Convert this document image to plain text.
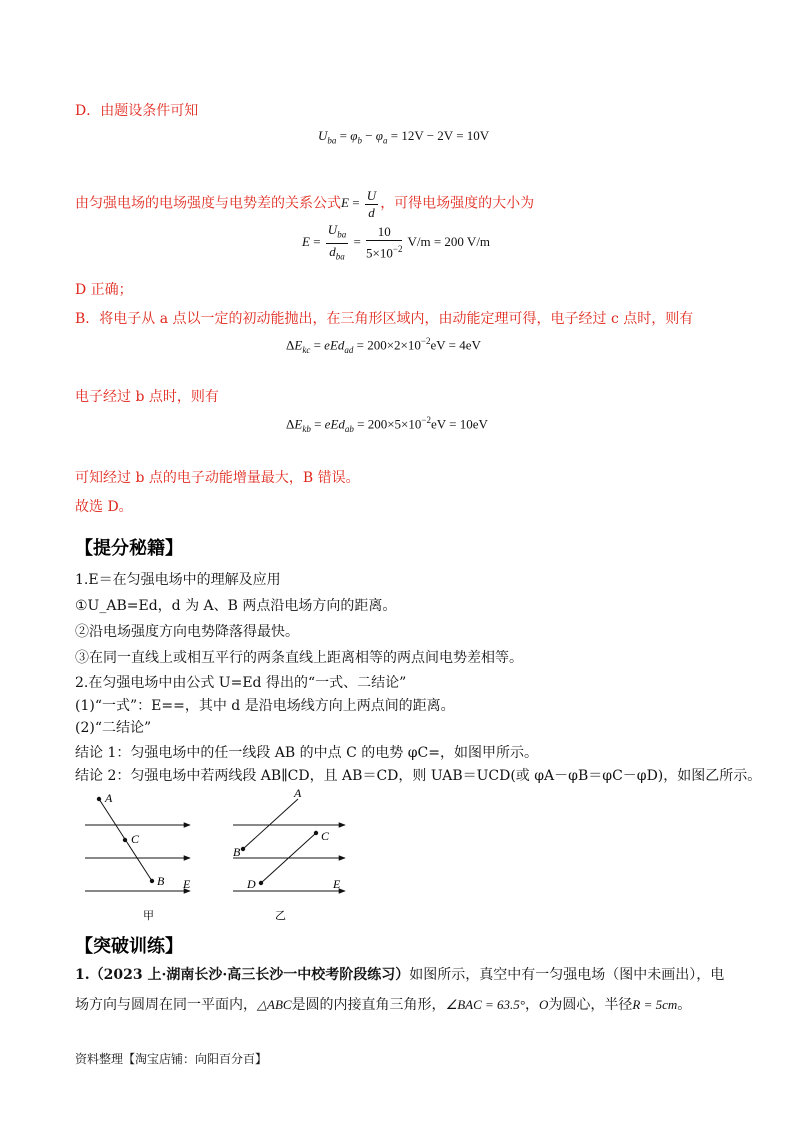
D．由题设条件可知
$U_{ba} = \varphi_b - \varphi_a = 12V - 2V = 10V$
由匀强电场的电场强度与电势差的关系公式$E = \frac{U}{d}$ ，可得电场强度的大小为
$E = \frac{U_{ba}}{d_{ba}} = \frac{10}{5\times 10^{-2}} V/m = 200$ V/m
D 正确；
B．将电子从 a 点以一定的初动能抛出，在三角形区域内，由动能定理可得，电子经过 c 点时，则有
$\Delta E_{kc} = eEd_{ad} = 200\times 2\times 10^{-2}eV = 4eV$
电子经过 b 点时，则有
$\Delta E_{kb} = eEd_{ab} = 200\times 5\times 10^{-2}eV = 10eV$
可知经过 b 点的电子动能增量最大，B 错误。
故选 D。
【提分秘籍】
1.E＝在匀强电场中的理解及应用
①U_AB=Ed，d 为 A、B 两点沿电场方向的距离。
②沿电场强度方向电势降落得最快。
③在同一直线上或相互平行的两条直线上距离相等的两点间电势差相等。
2.在匀强电场中由公式 U=Ed 得出的“一式、二结论”
(1)“一式”：E==，其中 d 是沿电场线方向上两点间的距离。
(2)“二结论”
结论 1：匀强电场中的任一线段 AB 的中点 C 的电势 φC=，如图甲所示。
结论 2：匀强电场中若两线段 AB∥CD，且 AB＝CD，则 UAB＝UCD(或 φA－φB＝φC－φD)，如图乙所示。
A
C
B E
甲
A
C
B
D	E
乙
【突破训练】
1.（2023 上·湖南长沙·高三长沙一中校考阶段练习）如图所示，真空中有一匀强电场（图中未画出），电
场方向与圆周在同一平面内，△ABC是圆的内接直角三角形，∠BAC = 63.5°，O为圆心，半径R = 5cm。
资料整理【淘宝店铺：向阳百分百】
